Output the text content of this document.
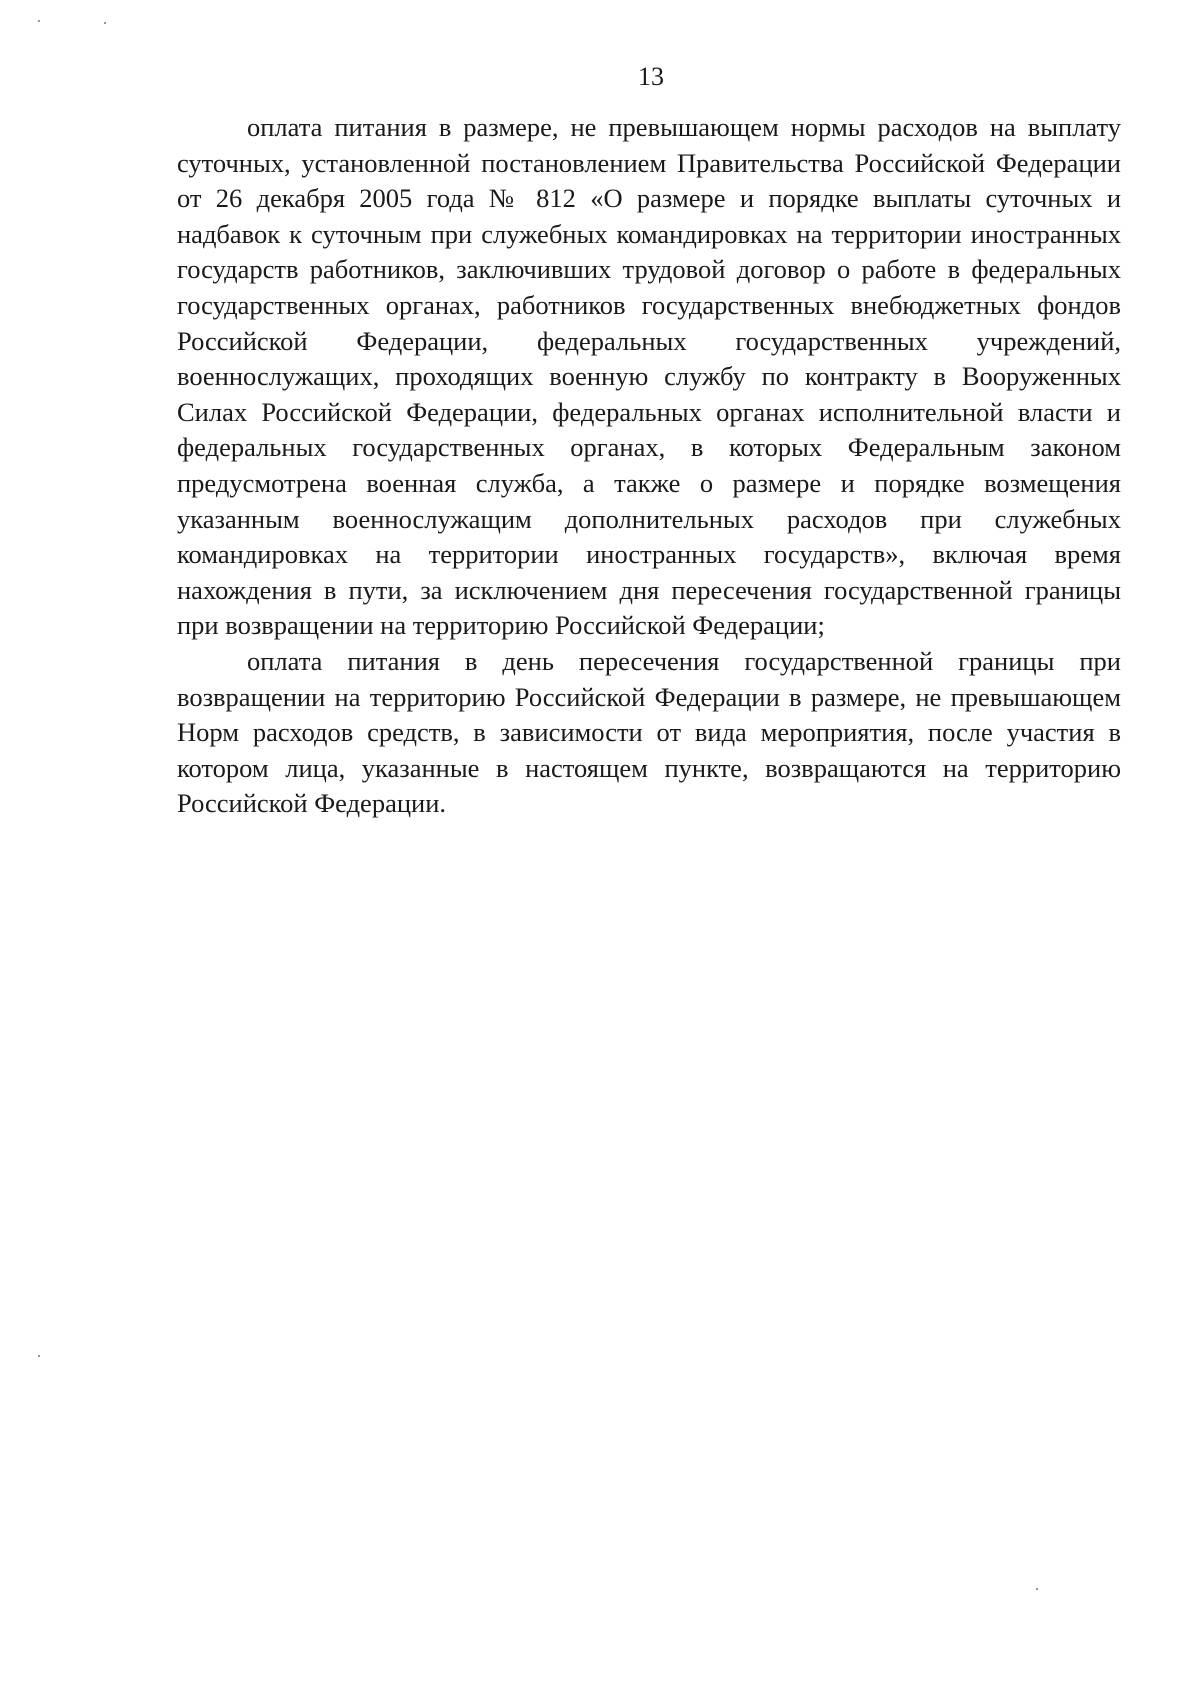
13

оплата питания в размере, не превышающем нормы расходов на выплату суточных, установленной постановлением Правительства Российской Федерации от 26 декабря 2005 года № 812 «О размере и порядке выплаты суточных и надбавок к суточным при служебных командировках на территории иностранных государств работников, заключивших трудовой договор о работе в федеральных государственных органах, работников государственных внебюджетных фондов Российской Федерации, федеральных государственных учреждений, военнослужащих, проходящих военную службу по контракту в Вооруженных Силах Российской Федерации, федеральных органах исполнительной власти и федеральных государственных органах, в которых Федеральным законом предусмотрена военная служба, а также о размере и порядке возмещения указанным военнослужащим дополнительных расходов при служебных командировках на территории иностранных государств», включая время нахождения в пути, за исключением дня пересечения государственной границы при возвращении на территорию Российской Федерации;

оплата питания в день пересечения государственной границы при возвращении на территорию Российской Федерации в размере, не превышающем Норм расходов средств, в зависимости от вида мероприятия, после участия в котором лица, указанные в настоящем пункте, возвращаются на территорию Российской Федерации.
